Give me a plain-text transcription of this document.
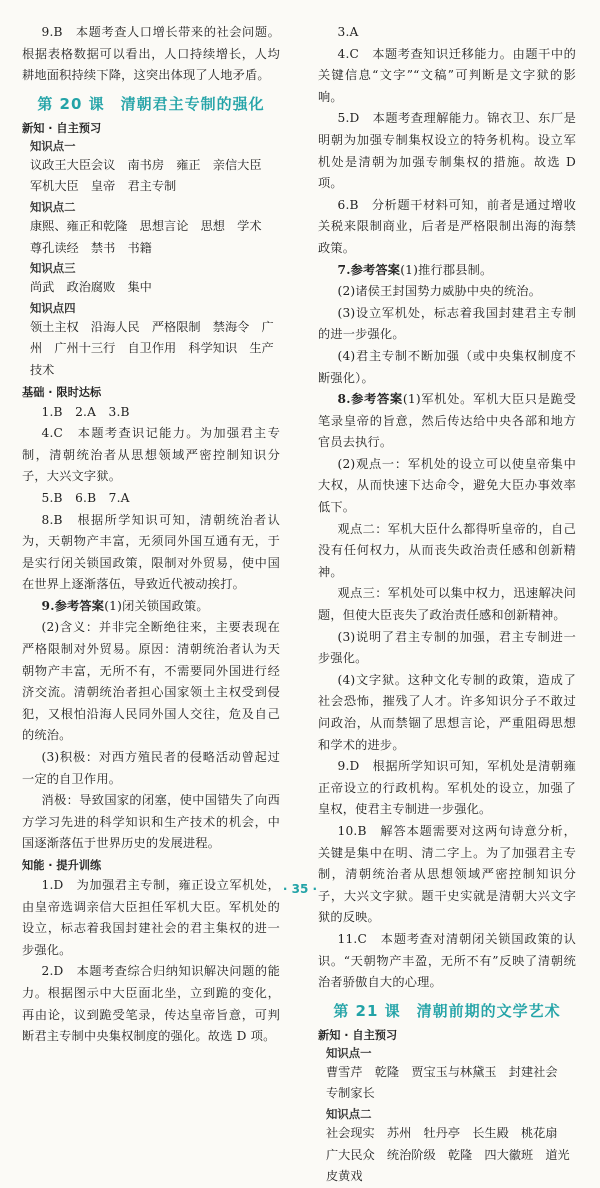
9.B　本题考查人口增长带来的社会问题。根据表格数据可以看出，人口持续增长，人均耕地面积持续下降，这突出体现了人地矛盾。

第 20 课　清朝君主专制的强化
新知 · 自主预习
知识点一

议政王大臣会议　南书房　雍正　亲信大臣　军机大臣　皇帝　君主专制

知识点二

康熙、雍正和乾隆　思想言论　思想　学术　尊孔读经　禁书　书籍

知识点三

尚武　政治腐败　集中

知识点四

领土主权　沿海人民　严格限制　禁海令　广州　广州十三行　自卫作用　科学知识　生产技术

基础 · 限时达标

1.B　2.A　3.B

4.C　本题考查识记能力。为加强君主专制，清朝统治者从思想领域严密控制知识分子，大兴文字狱。

5.B　6.B　7.A

8.B　根据所学知识可知，清朝统治者认为，天朝物产丰富，无须同外国互通有无，于是实行闭关锁国政策，限制对外贸易，使中国在世界上逐渐落伍，导致近代被动挨打。

9.参考答案(1)闭关锁国政策。

(2)含义：并非完全断绝往来，主要表现在严格限制对外贸易。原因：清朝统治者认为天朝物产丰富，无所不有，不需要同外国进行经济交流。清朝统治者担心国家领土主权受到侵犯，又根怕沿海人民同外国人交往，危及自己的统治。

(3)积极：对西方殖民者的侵略活动曾起过一定的自卫作用。

消极：导致国家的闭塞，使中国错失了向西方学习先进的科学知识和生产技术的机会，中国逐渐落伍于世界历史的发展进程。

知能 · 提升训练

1.D　为加强君主专制，雍正设立军机处，由皇帝选调亲信大臣担任军机大臣。军机处的设立，标志着我国封建社会的君主集权的进一步强化。

2.D　本题考查综合归纳知识解决问题的能力。根据图示中大臣面北坐，立到跪的变化，再由论，议到跪受笔录，传达皇帝旨意，可判断君主专制中央集权制度的强化。故选 D 项。

3.A

4.C　本题考查知识迁移能力。由题干中的关键信息“文字”“文稿”可判断是文字狱的影响。

5.D　本题考查理解能力。锦衣卫、东厂是明朝为加强专制集权设立的特务机构。设立军机处是清朝为加强专制集权的措施。故选 D 项。

6.B　分析题干材料可知，前者是通过增收关税来限制商业，后者是严格限制出海的海禁政策。

7.参考答案(1)推行郡县制。

(2)诸侯王封国势力威胁中央的统治。

(3)设立军机处，标志着我国封建君主专制的进一步强化。

(4)君主专制不断加强（或中央集权制度不断强化）。

8.参考答案(1)军机处。军机大臣只是跪受笔录皇帝的旨意，然后传达给中央各部和地方官员去执行。

(2)观点一：军机处的设立可以使皇帝集中大权，从而快速下达命令，避免大臣办事效率低下。

观点二：军机大臣什么都得听皇帝的，自己没有任何权力，从而丧失政治责任感和创新精神。

观点三：军机处可以集中权力，迅速解决问题，但使大臣丧失了政治责任感和创新精神。

(3)说明了君主专制的加强，君主专制进一步强化。

(4)文字狱。这种文化专制的政策，造成了社会恐怖，摧残了人才。许多知识分子不敢过问政治，从而禁锢了思想言论，严重阻碍思想和学术的进步。

9.D　根据所学知识可知，军机处是清朝雍正帝设立的行政机构。军机处的设立，加强了皇权，使君主专制进一步强化。

10.B　解答本题需要对这两句诗意分析，关键是集中在明、清二字上。为了加强君主专制，清朝统治者从思想领域严密控制知识分子，大兴文字狱。题干史实就是清朝大兴文字狱的反映。

11.C　本题考查对清朝闭关锁国政策的认识。“天朝物产丰盈，无所不有”反映了清朝统治者骄傲自大的心理。

第 21 课　清朝前期的文学艺术
新知 · 自主预习
知识点一

曹雪芹　乾隆　贾宝玉与林黛玉　封建社会　专制家长

知识点二

社会现实　苏州　牡丹亭　长生殿　桃花扇　广大民众　统治阶级　乾隆　四大徽班　道光　皮黄戏

· 35 ·
